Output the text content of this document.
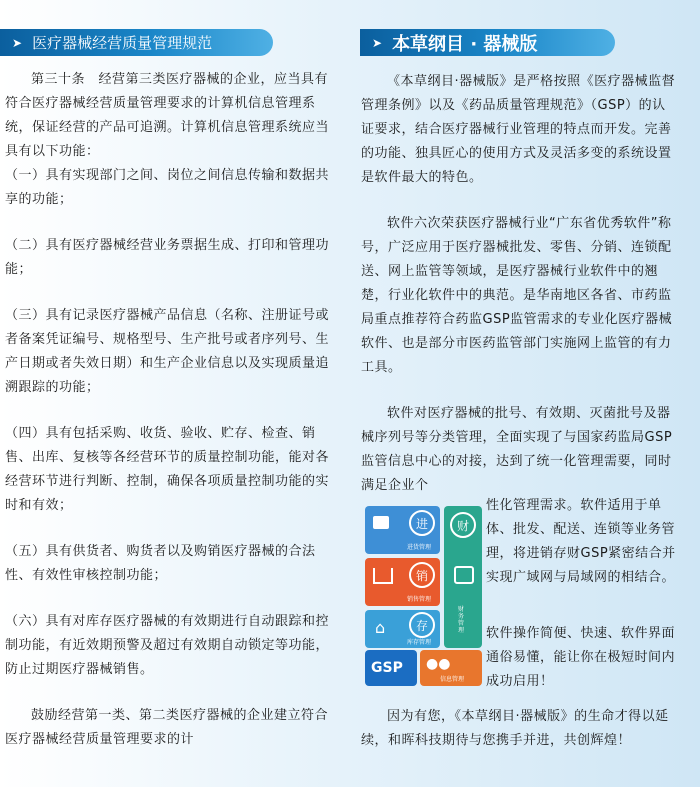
➤ 医疗器械经营质量管理规范	➤ 本草纲目 · 器械版

第三十条　经营第三类医疗器械的企业，应当具有符合医疗器械经营质量管理要求的计算机信息管理系统，保证经营的产品可追溯。计算机信息管理系统应当具有以下功能：

（一）具有实现部门之间、岗位之间信息传输和数据共享的功能；

（二）具有医疗器械经营业务票据生成、打印和管理功能；

（三）具有记录医疗器械产品信息（名称、注册证号或者备案凭证编号、规格型号、生产批号或者序列号、生产日期或者失效日期）和生产企业信息以及实现质量追溯跟踪的功能；

（四）具有包括采购、收货、验收、贮存、检查、销售、出库、复核等各经营环节的质量控制功能，能对各经营环节进行判断、控制，确保各项质量控制功能的实时和有效；

（五）具有供货者、购货者以及购销医疗器械的合法性、有效性审核控制功能；

（六）具有对库存医疗器械的有效期进行自动跟踪和控制功能，有近效期预警及超过有效期自动锁定等功能，防止过期医疗器械销售。

鼓励经营第一类、第二类医疗器械的企业建立符合医疗器械经营质量管理要求的计

《本草纲目·器械版》是严格按照《医疗器械监督管理条例》以及《药品质量管理规范》（GSP）的认证要求，结合医疗器械行业管理的特点而开发。完善的功能、独具匠心的使用方式及灵活多变的系统设置是软件最大的特色。

软件六次荣获医疗器械行业“广东省优秀软件”称号，广泛应用于医疗器械批发、零售、分销、连锁配送、网上监管等领域，是医疗器械行业软件中的翘楚，行业化软件中的典范。是华南地区各省、市药监局重点推荐符合药监GSP监管需求的专业化医疗器械软件、也是部分市医药监管部门实施网上监管的有力工具。

软件对医疗器械的批号、有效期、灭菌批号及器械序列号等分类管理，全面实现了与国家药监局GSP监管信息中心的对接，达到了统一化管理需要，同时满足企业个

性化管理需求。软件适用于单体、批发、配送、连锁等业务管理，将进销存财GSP紧密结合并实现广域网与局域网的相结合。

软件操作简便、快速、软件界面通俗易懂，能让你在极短时间内成功启用！

因为有您，《本草纲目·器械版》的生命才得以延续，和晖科技期待与您携手并进，共创辉煌！

进
进货管理
销
销售管理
⌂	存
库存管理
GSP
财
财务管理
●●
信息管理
